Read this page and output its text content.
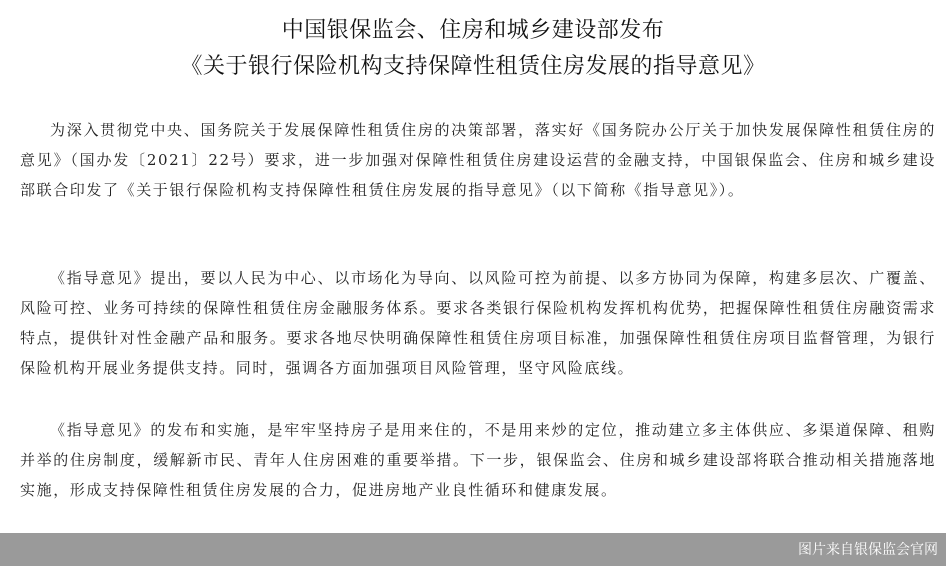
中国银保监会、住房和城乡建设部发布
《关于银行保险机构支持保障性租赁住房发展的指导意见》

为深入贯彻党中央、国务院关于发展保障性租赁住房的决策部署，落实好《国务院办公厅关于加快发展保障性租赁住房的意见》（国办发〔2021〕22号）要求，进一步加强对保障性租赁住房建设运营的金融支持，中国银保监会、住房和城乡建设部联合印发了《关于银行保险机构支持保障性租赁住房发展的指导意见》（以下简称《指导意见》）。

《指导意见》提出，要以人民为中心、以市场化为导向、以风险可控为前提、以多方协同为保障，构建多层次、广覆盖、风险可控、业务可持续的保障性租赁住房金融服务体系。要求各类银行保险机构发挥机构优势，把握保障性租赁住房融资需求特点，提供针对性金融产品和服务。要求各地尽快明确保障性租赁住房项目标准，加强保障性租赁住房项目监督管理，为银行保险机构开展业务提供支持。同时，强调各方面加强项目风险管理，坚守风险底线。

《指导意见》的发布和实施，是牢牢坚持房子是用来住的，不是用来炒的定位，推动建立多主体供应、多渠道保障、租购并举的住房制度，缓解新市民、青年人住房困难的重要举措。下一步，银保监会、住房和城乡建设部将联合推动相关措施落地实施，形成支持保障性租赁住房发展的合力，促进房地产业良性循环和健康发展。

图片来自银保监会官网
